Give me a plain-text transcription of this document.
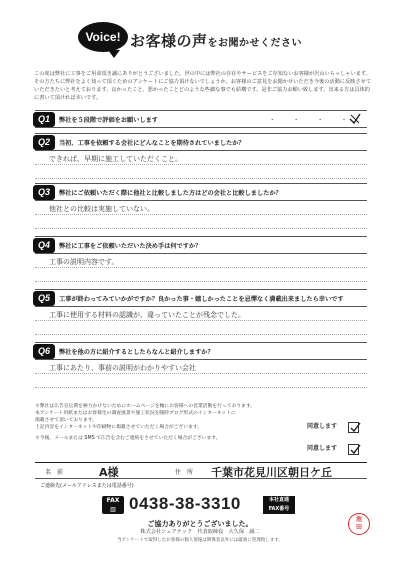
Voice! お客様の声をお聞かせください
この度は弊社に工事をご用命頂き誠にありがとうございました。世の中には弊社の存在やサービスをご存知ないお客様が沢山いらっしゃいます。その方たちに弊社をよく知って頂くためのアンケートにご協力頂けないでしょうか。お客様のご意見をお聞かせいただき今後の活動に反映させていただきたいと考えております。良かったこと、悪かったことどのような些細な事でも結構です。是非ご協力お願い致します。出来る方は具体的に書いて頂ければ幸いです。
Q1	弊社を５段階で評価をお願いします	・ ・ ・ ・
Q2	当初、工事を依頼する会社にどんなことを期待されていましたか？
できれば、早期に施工していただくこと。
Q3	弊社にご依頼いただく際に他社と比較しました方はどの会社と比較しましたか？
他社との比較は実施していない。
Q4	弊社に工事をご依頼いただいた決め手は何ですか？
工事の説明内容です。
Q5	工事が終わってみていかがですか？良かった事・嬉しかったことを忌憚なく満載出来ましたら幸いです
工事に使用する材料の認識が、違っていたことが残念でした。
Q6	弊社を他の方に紹介するとしたらなんと紹介しますか？
工事にあたり、事前の説明がわかりやすい会社
＊弊社は広告宣伝費を極力かけないためにホームページを軸にお客様への営業活動を行っております。
本アンケート用紙またはお客様宅の調査風景や施工状況を随時ブログ形式のインターネットに
掲載させて頂いております。
上記内容をインターネットや印刷物に掲載させていただく場合がございます。
＊今後、メールまたは SMS で広告を含むご連絡をさせていただく場合がございます。
同意します
同意します
名　前	A様	住　所 千葉市花見川区朝日ケ丘
ご連絡先(メールアドレスまたは電話番号)
FAX
▥ 0438-38-3310	本社直通
FAX番号
ご協力ありがとうございました。
株式会社シェアテック　代表取締役　大久保　誠二
当アンケートで取得したお客様の個人情報は関係者以外には厳重に管理致します。
池
田
